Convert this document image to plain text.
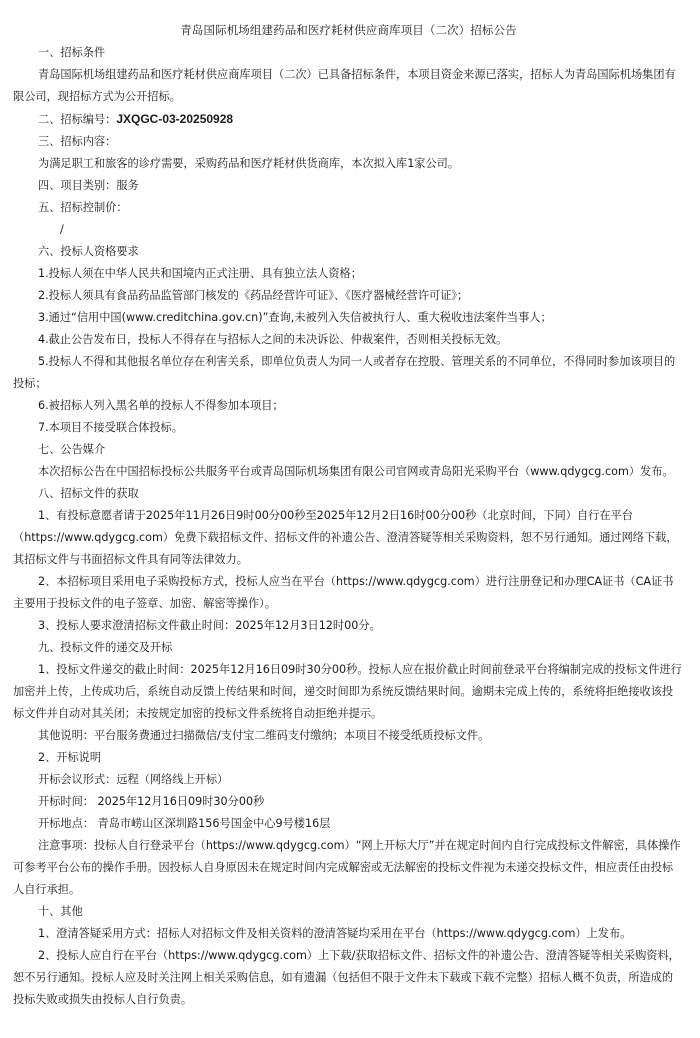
青岛国际机场组建药品和医疗耗材供应商库项目（二次）招标公告

一、招标条件

青岛国际机场组建药品和医疗耗材供应商库项目（二次）已具备招标条件，本项目资金来源已落实，招标人为青岛国际机场集团有限公司，现招标方式为公开招标。

二、招标编号：JXQGC-03-20250928

三、招标内容：

为满足职工和旅客的诊疗需要，采购药品和医疗耗材供货商库，本次拟入库1家公司。

四、项目类别：服务

五、招标控制价：

/

六、投标人资格要求

1.投标人须在中华人民共和国境内正式注册、具有独立法人资格；

2.投标人须具有食品药品监管部门核发的《药品经营许可证》、《医疗器械经营许可证》；

3.通过“信用中国(www.creditchina.gov.cn)”查询,未被列入失信被执行人、重大税收违法案件当事人；

4.截止公告发布日，投标人不得存在与招标人之间的未决诉讼、仲裁案件，否则相关投标无效。

5.投标人不得和其他报名单位存在利害关系，即单位负责人为同一人或者存在控股、管理关系的不同单位，不得同时参加该项目的投标；

6.被招标人列入黑名单的投标人不得参加本项目；

7.本项目不接受联合体投标。

七、公告媒介

本次招标公告在中国招标投标公共服务平台或青岛国际机场集团有限公司官网或青岛阳光采购平台（www.qdygcg.com）发布。

八、招标文件的获取

1、有投标意愿者请于2025年11月26日9时00分00秒至2025年12月2日16时00分00秒（北京时间，下同）自行在平台（https://www.qdygcg.com）免费下载招标文件、招标文件的补遗公告、澄清答疑等相关采购资料，恕不另行通知。通过网络下载，其招标文件与书面招标文件具有同等法律效力。

2、本招标项目采用电子采购投标方式，投标人应当在平台（https://www.qdygcg.com）进行注册登记和办理CA证书（CA证书主要用于投标文件的电子签章、加密、解密等操作）。

3、投标人要求澄清招标文件截止时间：2025年12月3日12时00分。

九、投标文件的递交及开标

1、投标文件递交的截止时间：2025年12月16日09时30分00秒。投标人应在报价截止时间前登录平台将编制完成的投标文件进行加密并上传，上传成功后，系统自动反馈上传结果和时间，递交时间即为系统反馈结果时间。逾期未完成上传的，系统将拒绝接收该投标文件并自动对其关闭；未按规定加密的投标文件系统将自动拒绝并提示。

其他说明：平台服务费通过扫描微信/支付宝二维码支付缴纳；本项目不接受纸质投标文件。

2、开标说明

开标会议形式：远程（网络线上开标）

开标时间： 2025年12月16日09时30分00秒

开标地点： 青岛市崂山区深圳路156号国金中心9号楼16层

注意事项：投标人自行登录平台（https://www.qdygcg.com）“网上开标大厅”并在规定时间内自行完成投标文件解密，具体操作可参考平台公布的操作手册。因投标人自身原因未在规定时间内完成解密或无法解密的投标文件视为未递交投标文件，相应责任由投标人自行承担。

十、其他

1、澄清答疑采用方式：招标人对招标文件及相关资料的澄清答疑均采用在平台（https://www.qdygcg.com）上发布。

2、投标人应自行在平台（https://www.qdygcg.com）上下载/获取招标文件、招标文件的补遗公告、澄清答疑等相关采购资料，恕不另行通知。投标人应及时关注网上相关采购信息，如有遗漏（包括但不限于文件未下载或下载不完整）招标人概不负责，所造成的投标失败或损失由投标人自行负责。
